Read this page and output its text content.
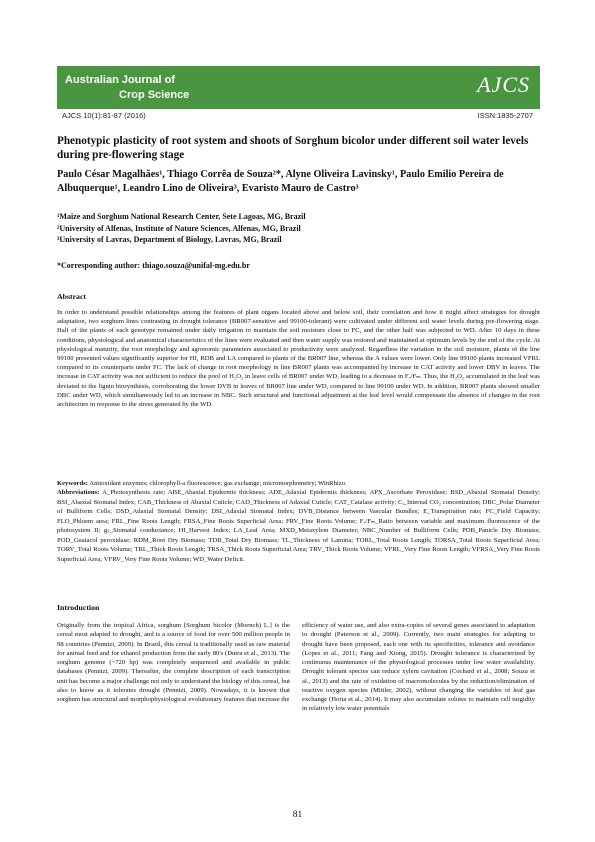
Australian Journal of
Crop Science	AJCS
AJCS 10(1):81-87 (2016)	ISSN:1835-2707
Phenotypic plasticity of root system and shoots of Sorghum bicolor under different soil water levels during pre-flowering stage
Paulo César Magalhães¹, Thiago Corrêa de Souza²*, Alyne Oliveira Lavinsky¹, Paulo Emilio Pereira de Albuquerque¹, Leandro Lino de Oliveira³, Evaristo Mauro de Castro³
¹Maize and Sorghum National Research Center, Sete Lagoas, MG, Brazil
²University of Alfenas, Institute of Nature Sciences, Alfenas, MG, Brazil
³University of Lavras, Department of Biology, Lavras, MG, Brazil
*Corresponding author: thiago.souza@unifal-mg.edu.br
Abstract
In order to understand possible relationships among the features of plant organs located above and below soil, their correlation and how it might affect strategies for drought adaptation, two sorghum lines contrasting in drought tolerance (BR007-sensitive and 99100-tolerant) were cultivated under different soil water levels during pre-flowering stage. Half of the plants of each genotype remained under daily irrigation to maintain the soil moisture close to FC, and the other half was subjected to WD. After 10 days in these conditions, physiological and anatomical characteristics of the lines were evaluated and then water supply was restored and maintained at optimum levels by the end of the cycle. At physiological maturity, the root morphology and agronomic parameters associated to productivity were analyzed. Regardless the variation in the soil moisture, plants of the line 99100 presented values significantly superior for HI, RDB and LA compared to plants of the BR007 line, whereas the A values were lower. Only line 99100 plants increased VFRL compared to its counterparts under FC. The lack of change in root morphology in line BR007 plants was accompanied by increase in CAT activity and lower DBV in leaves. The increase in CAT activity was not sufficient to reduce the pool of H₂O₂ in leave cells of BR007 under WD, leading to a decrease in Fᵥ/Fₘ. Thus, the H₂O₂ accumulated in the leaf was deviated to the lignin biosynthesis, corroborating the lower DVB in leaves of BR007 line under WD, compared to line 99100 under WD. In addition, BR007 plants showed smaller DBC under WD, which simultaneously led to an increase in NBC. Such structural and functional adjustment at the leaf level would compensate the absence of changes in the root architecture in response to the stress generated by the WD.
Keywords: Antioxidant enzymes; chlorophyll-a fluorescence; gas exchange; micromorphometry; WinRhizo.
Abbreviations: A_Photosynthesis rate; ABE_Abaxial Epidermis thickness; ADE_Adaxial Epidermis thickness; APX_Ascorbate Peroxidase; BSD_Abaxial Stomatal Density; BSI_Abaxial Stomatal Index; CAB_Thickness of Abaxial Cuticle; CAD_Thickness of Adaxial Cuticle; CAT_Catalase activity; Cᵢ_Internal CO₂ concentration; DBC_Polar Diameter of Bulliform Cells; DSD_Adaxial Stomatal Density; DSI_Adaxial Stomatal Index; DVB_Distance between Vascular Bundles; E_Transpiration rate; FC_Field Capacity; FLO_Phloem area; FRL_Fine Roots Length; FRSA_Fine Roots Superficial Area; FRV_Fine Roots Volume; Fᵥ/Fₘ_Ratio between variable and maximum fluorescence of the photosystem II; gₛ_Stomatal conductance; HI_Harvest Index; LA_Leaf Area; MXD_Metaxylem Diameter; NBC_Number of Bulliform Cells; PDB_Panicle Dry Biomass; POD_Guaiacol peroxidase; RDM_Root Dry Biomass; TDB_Total Dry Biomass; TL_Thickness of Lamina; TORL_Total Roots Length; TORSA_Total Roots Superficial Area; TORV_Total Roots Volume; TRL_Thick Roots Length; TRSA_Thick Roots Superficial Area; TRV_Thick Roots Volume; VFRL_Very Fine Roots Length; VFRSA_Very Fine Roots Superficial Area; VFRV_Very Fine Roots Volume; WD_Water Deficit.
Introduction
Originally from the tropical Africa, sorghum [Sorghum bicolor (Moench) L.] is the cereal most adapted to drought, and is a source of food for over 500 million people in 98 countries (Pennizi, 2009). In Brazil, this cereal is traditionally used as raw material for animal feed and for ethanol production from the early 80's (Dutra et al., 2013). The sorghum genome (~720 hp) was completely sequenced and available in public databases (Pennizi, 2009). Thereafter, the complete description of each transcription unit has become a major challenge not only to understand the biology of this cereal, but also to know as it tolerates drought (Pennizi, 2009). Nowadays, it is known that sorghum has structural and morphophysiological evolutionary features that increase the
efficiency of water use, and also extra-copies of several genes associated to adaptation to drought (Paterson et al., 2009). Currently, two main strategies for adapting to drought have been proposed, each one with its specificities, tolerance and avoidance (Lopes et al., 2011; Fang and Xiong, 2015). Drought tolerance is characterized by continuous maintenance of the physiological processes under low water availability. Drought tolerant species can reduce xylem cavitation (Cochard et al., 2008; Souza et al., 2013) and the rate of oxidation of macromolecules by the reduction/elimination of reactive oxygen species (Mittler, 2002), without changing the variables of leaf gas exchange (Horta et al., 2014). It may also accumulate solutes to maintain cell turgidity in relatively low water potentials
81
